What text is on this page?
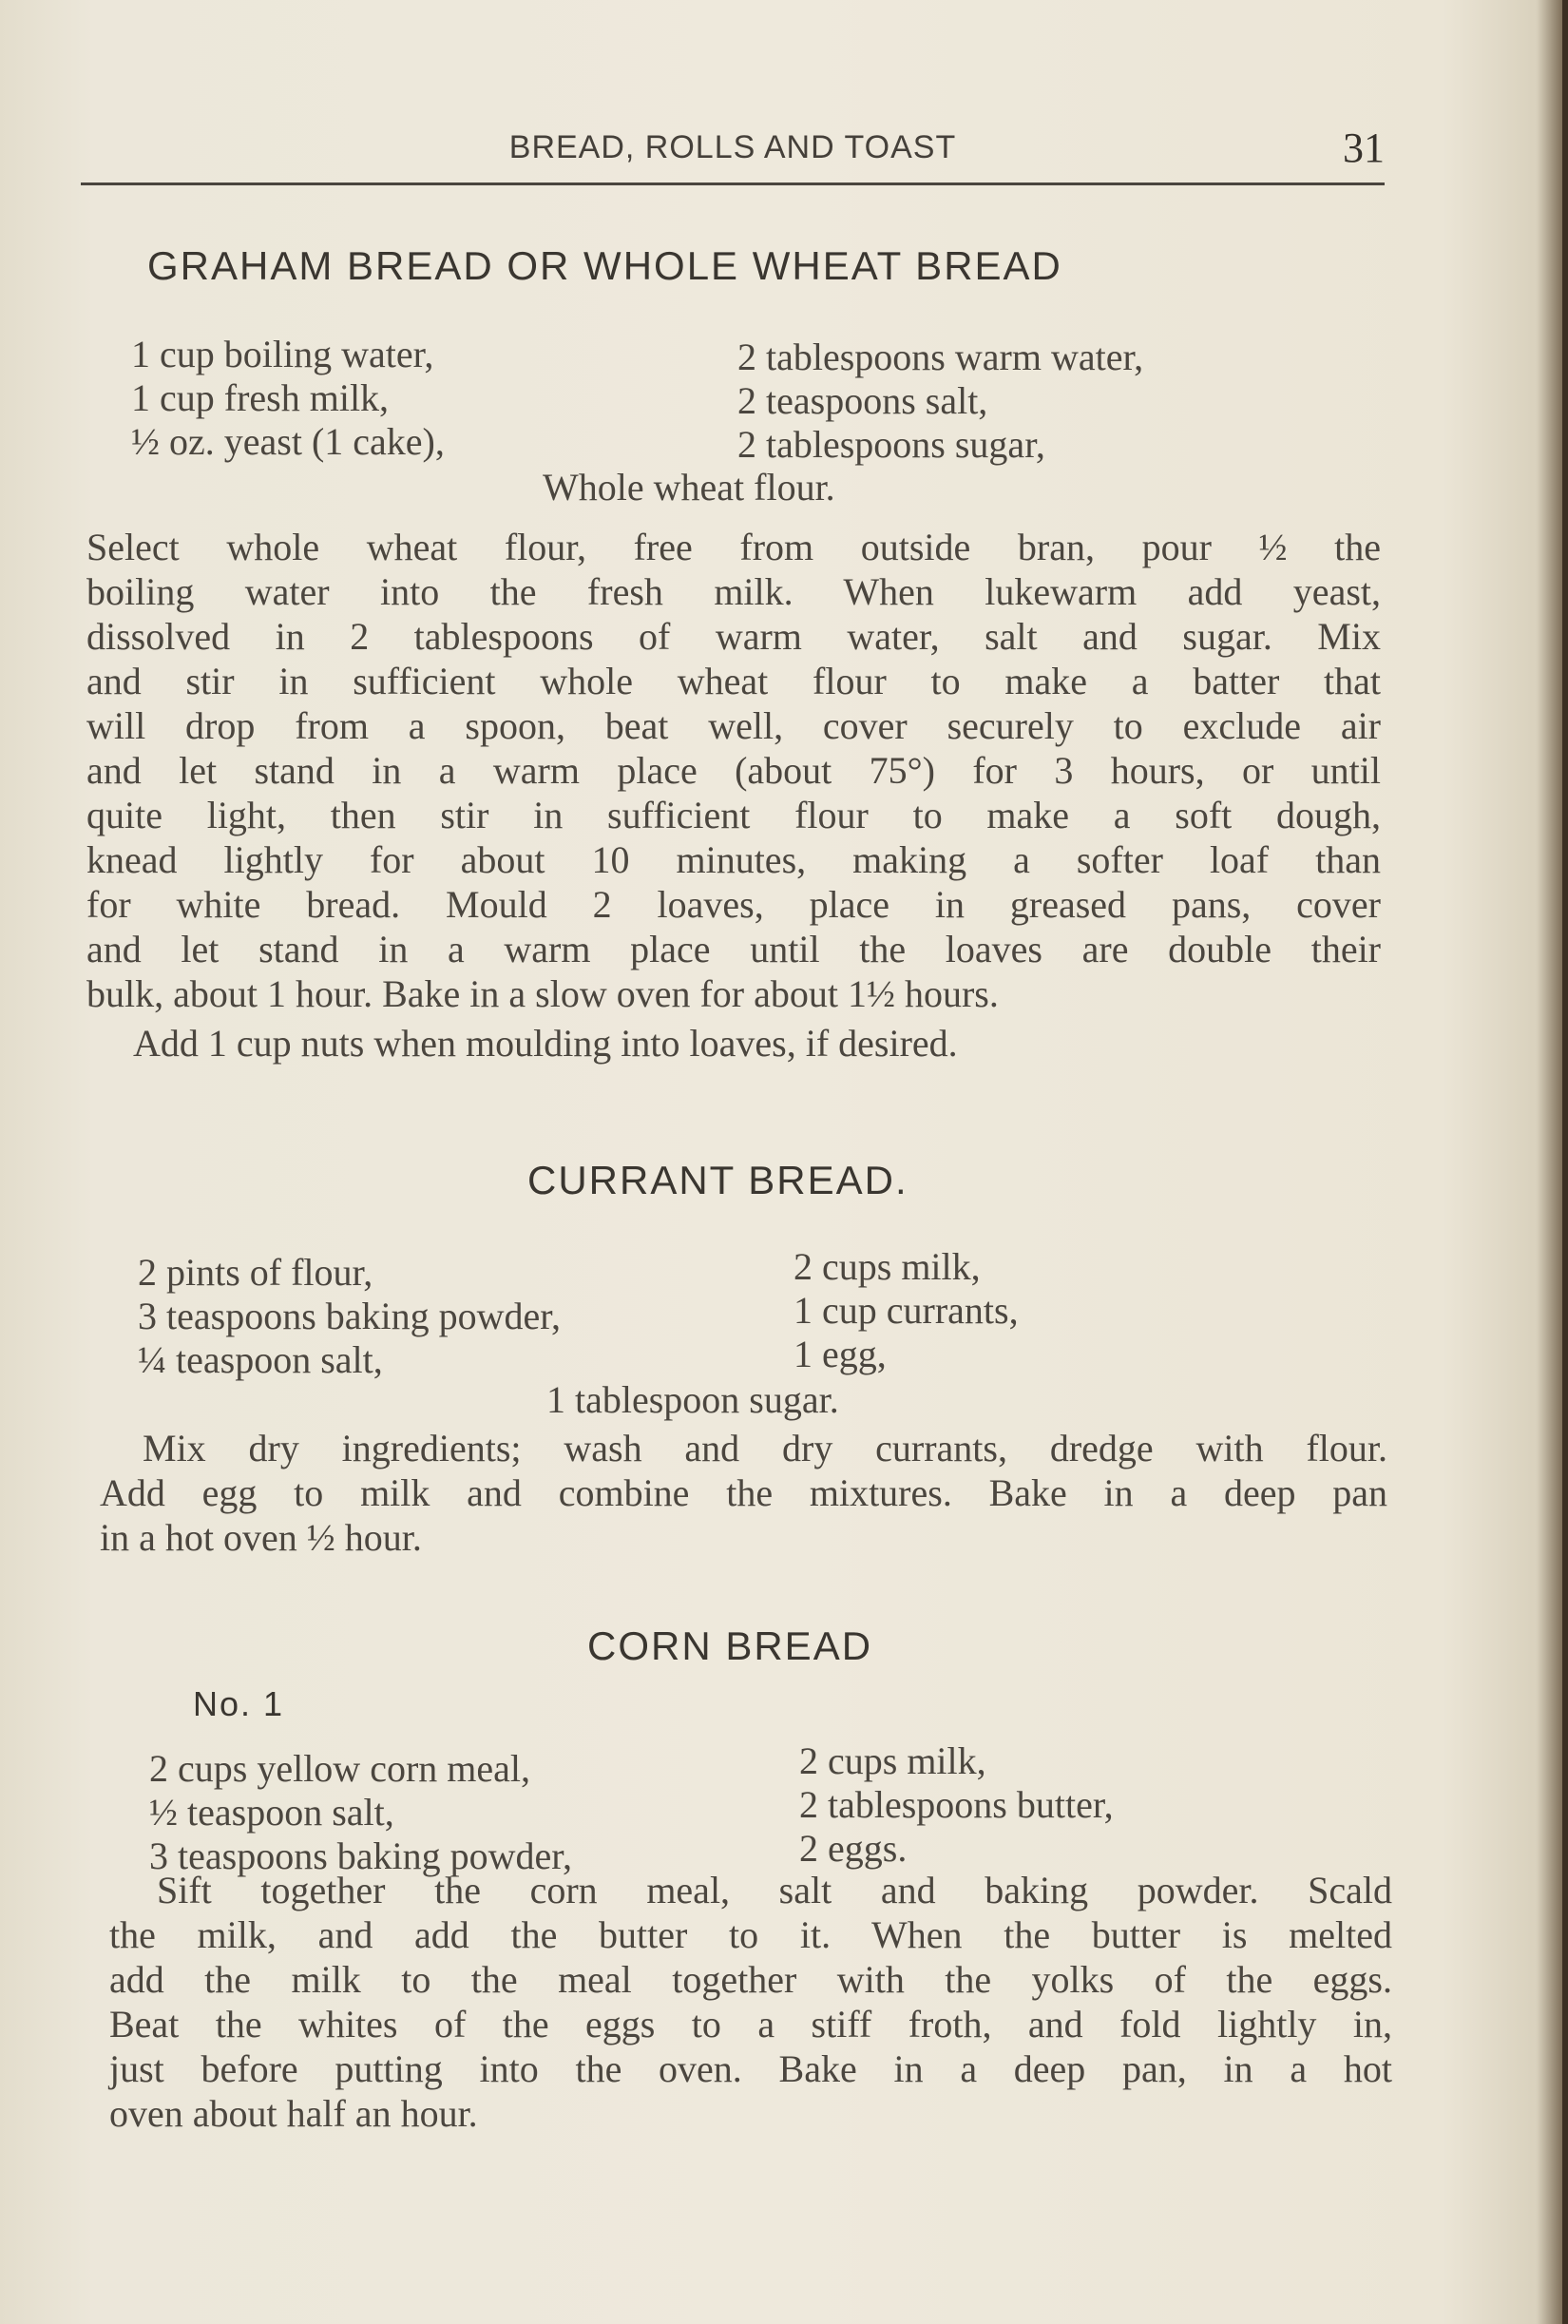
BREAD, ROLLS AND TOAST	31
GRAHAM BREAD OR WHOLE WHEAT BREAD
1 cup boiling water,
1 cup fresh milk,
½ oz. yeast (1 cake),
2 tablespoons warm water,
2 teaspoons salt,
2 tablespoons sugar,
Whole wheat flour.
Select whole wheat flour, free from outside bran, pour ½ the
boiling water into the fresh milk. When lukewarm add yeast,
dissolved in 2 tablespoons of warm water, salt and sugar. Mix
and stir in sufficient whole wheat flour to make a batter that
will drop from a spoon, beat well, cover securely to exclude air
and let stand in a warm place (about 75°) for 3 hours, or until
quite light, then stir in sufficient flour to make a soft dough,
knead lightly for about 10 minutes, making a softer loaf than
for white bread. Mould 2 loaves, place in greased pans, cover
and let stand in a warm place until the loaves are double their
bulk, about 1 hour. Bake in a slow oven for about 1½ hours.
Add 1 cup nuts when moulding into loaves, if desired.
CURRANT BREAD.
2 pints of flour,
3 teaspoons baking powder,
¼ teaspoon salt,
2 cups milk,
1 cup currants,
1 egg,
1 tablespoon sugar.
Mix dry ingredients; wash and dry currants, dredge with flour.
Add egg to milk and combine the mixtures. Bake in a deep pan
in a hot oven ½ hour.
CORN BREAD
No. 1
2 cups yellow corn meal,
½ teaspoon salt,
3 teaspoons baking powder,
2 cups milk,
2 tablespoons butter,
2 eggs.
Sift together the corn meal, salt and baking powder. Scald
the milk, and add the butter to it. When the butter is melted
add the milk to the meal together with the yolks of the eggs.
Beat the whites of the eggs to a stiff froth, and fold lightly in,
just before putting into the oven. Bake in a deep pan, in a hot
oven about half an hour.
